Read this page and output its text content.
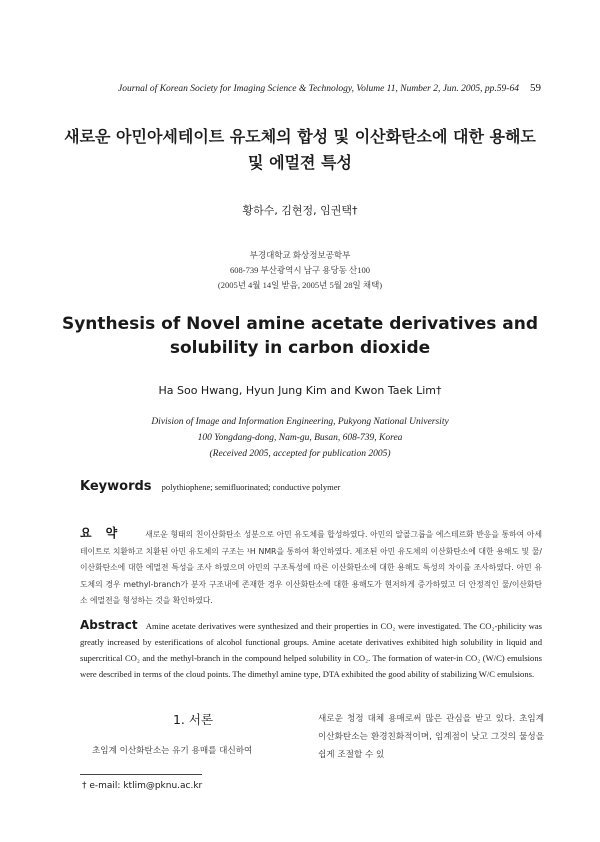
Journal of Korean Society for Imaging Science & Technology, Volume 11, Number 2, Jun. 2005, pp.59-64 59
새로운 아민아세테이트 유도체의 합성 및 이산화탄소에 대한 용해도
및 에멀젼 특성
황하수, 김현정, 임권택†
부경대학교 화상정보공학부
608-739 부산광역시 남구 용당동 산100
(2005년 4월 14일 받음, 2005년 5월 28일 채택)
Synthesis of Novel amine acetate derivatives and
solubility in carbon dioxide
Ha Soo Hwang, Hyun Jung Kim and Kwon Taek Lim†
Division of Image and Information Engineering, Pukyong National University
100 Yongdang-dong, Nam-gu, Busan, 608-739, Korea
(Received 2005, accepted for publication 2005)
Keywords polythiophene; semifluorinated; conductive polymer
요약 새로운 형태의 친이산화탄소 성분으로 아민 유도체를 합성하였다. 아민의 알콜그룹을 에스테르화 반응을 통하여 아세테이트로 치환하고 치환된 아민 유도체의 구조는 ¹H NMR을 통하여 확인하였다. 제조된 아민 유도체의 이산화탄소에 대한 용해도 및 물/이산화탄소에 대한 에멀젼 특성을 조사 하였으며 아민의 구조특성에 따른 이산화탄소에 대한 용해도 특성의 차이를 조사하였다. 아민 유도체의 경우 methyl-branch가 분자 구조내에 존재한 경우 이산화탄소에 대한 용해도가 현저하게 증가하였고 더 안정적인 물/이산화탄소 에멀젼을 형성하는 것을 확인하였다.
Abstract Amine acetate derivatives were synthesized and their properties in CO₂ were investigated. The CO₂-philicity was greatly increased by esterifications of alcohol functional groups. Amine acetate derivatives exhibited high solubility in liquid and supercritical CO₂ and the methyl-branch in the compound helped solubility in CO₂. The formation of water-in CO₂ (W/C) emulsions were described in terms of the cloud points. The dimethyl amine type, DTA exhibited the good ability of stabilizing W/C emulsions.
1. 서론
초임계 이산화탄소는 유기 용매를 대신하여
새로운 청정 대체 용매로써 많은 관심을 받고 있다. 초임계 이산화탄소는 환경친화적이며, 임계점이 낮고 그것의 물성을 쉽게 조절할 수 있
† e-mail: ktlim@pknu.ac.kr
